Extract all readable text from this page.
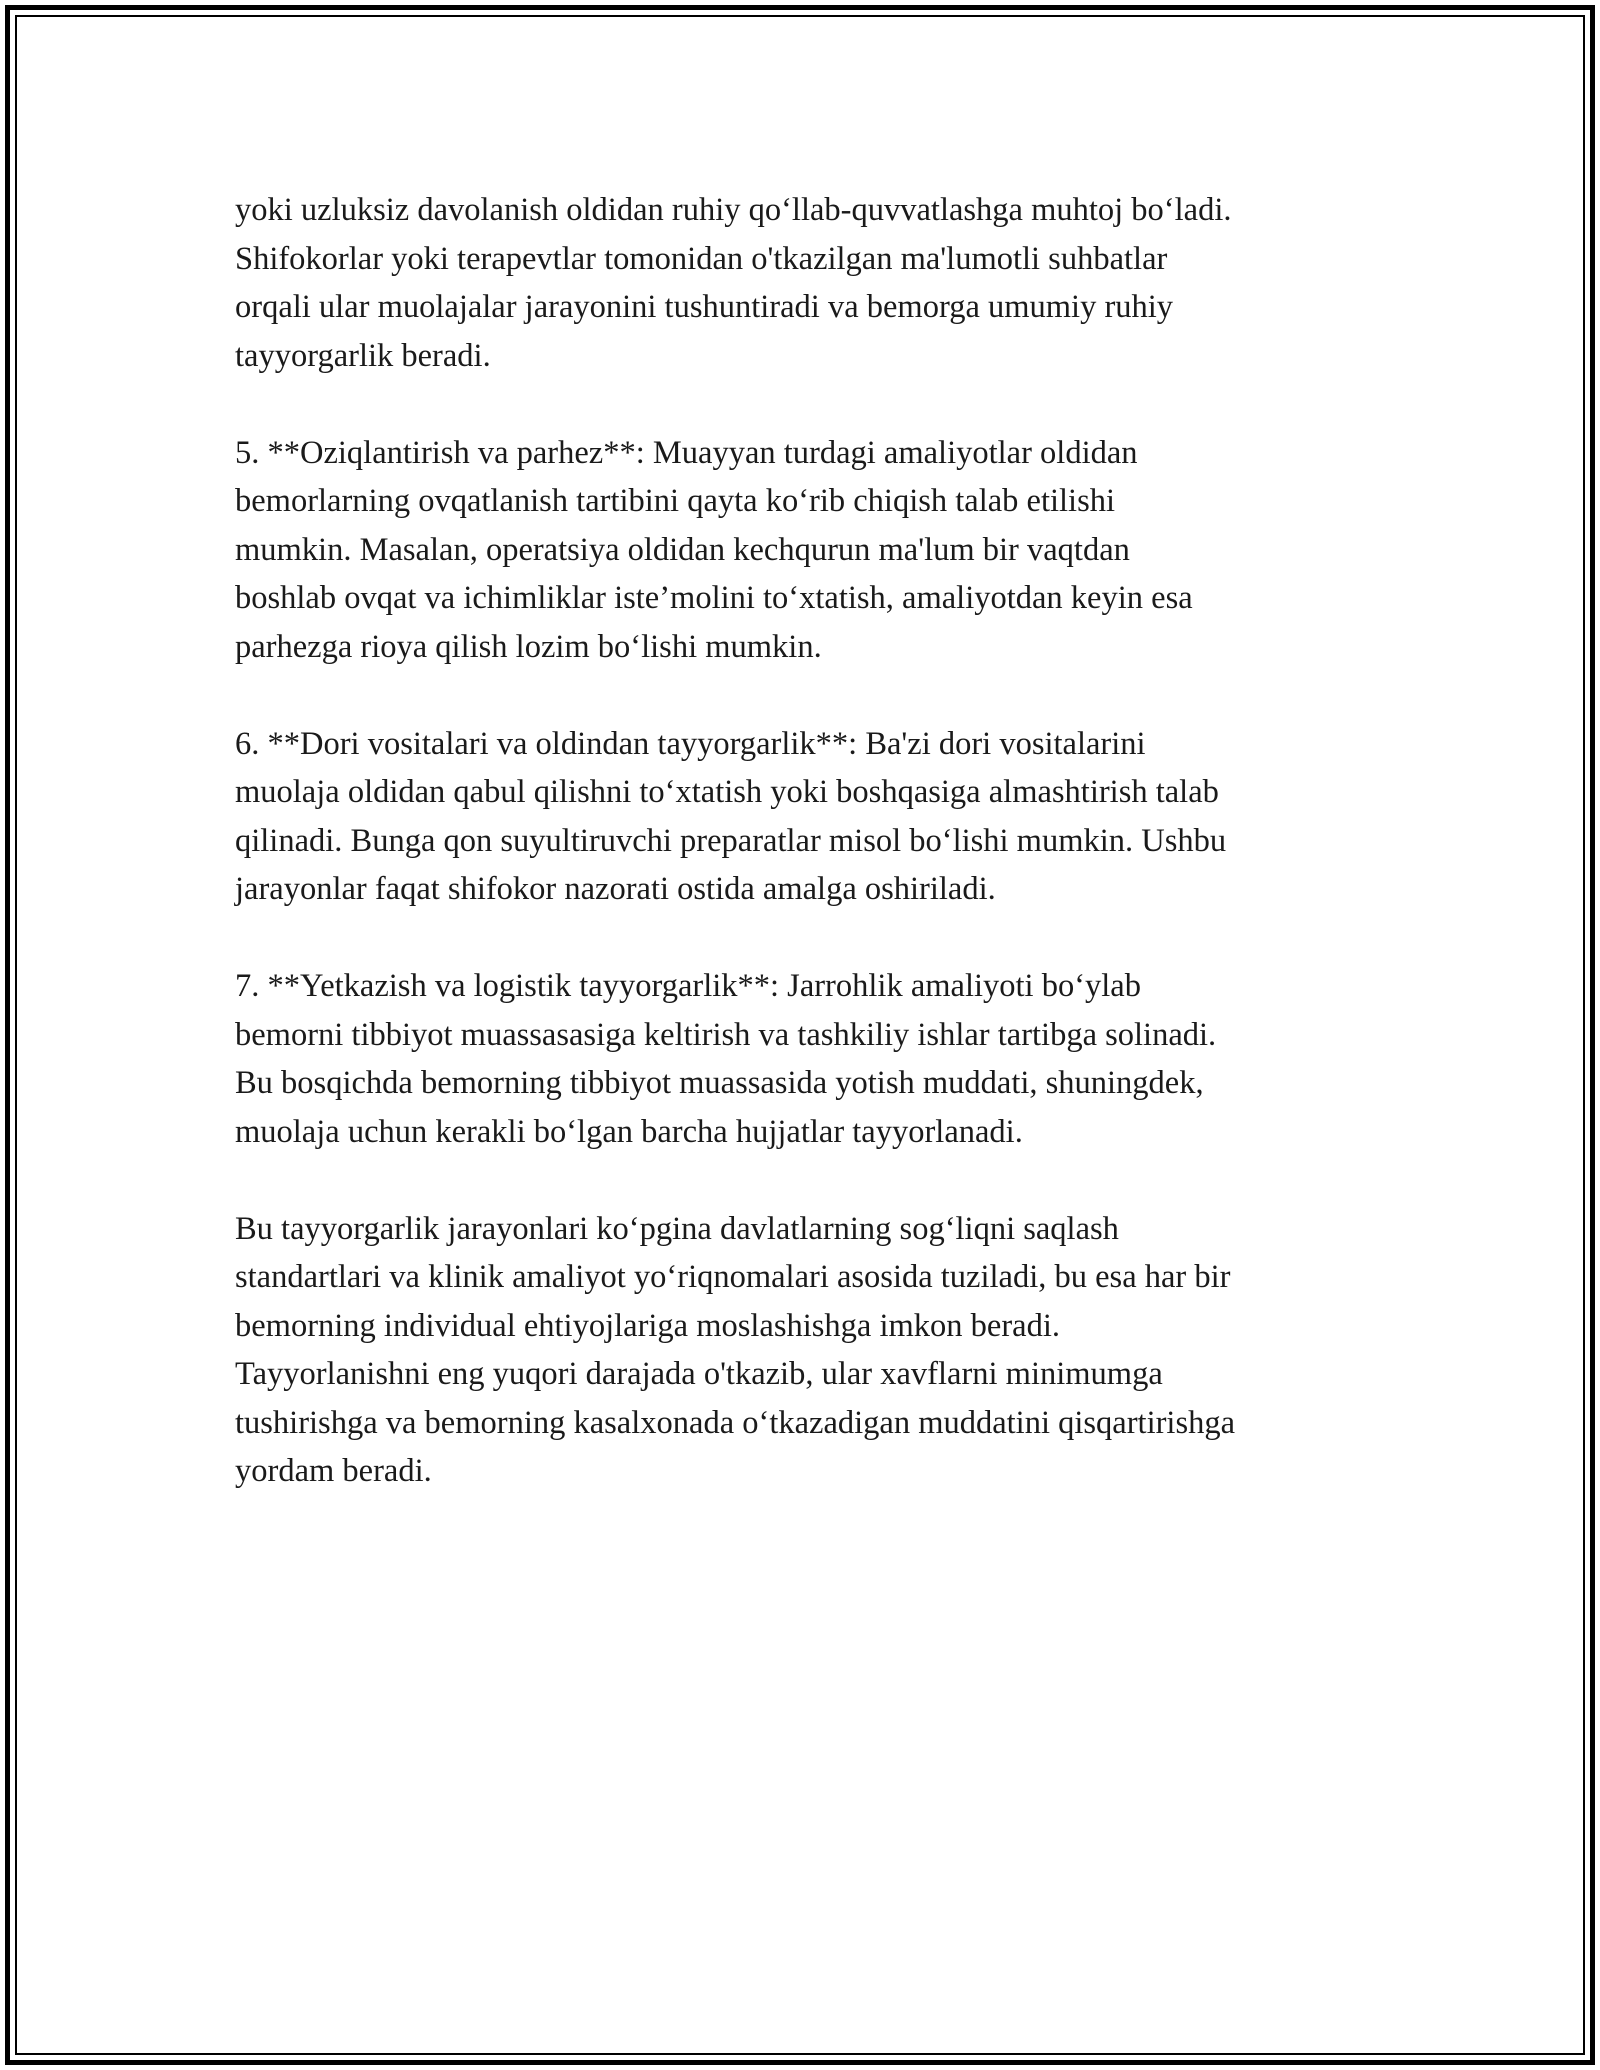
yoki uzluksiz davolanish oldidan ruhiy qo‘llab-quvvatlashga muhtoj bo‘ladi.
Shifokorlar yoki terapevtlar tomonidan o'tkazilgan ma'lumotli suhbatlar
orqali ular muolajalar jarayonini tushuntiradi va bemorga umumiy ruhiy
tayyorgarlik beradi.

5. **Oziqlantirish va parhez**: Muayyan turdagi amaliyotlar oldidan
bemorlarning ovqatlanish tartibini qayta ko‘rib chiqish talab etilishi
mumkin. Masalan, operatsiya oldidan kechqurun ma'lum bir vaqtdan
boshlab ovqat va ichimliklar iste’molini to‘xtatish, amaliyotdan keyin esa
parhezga rioya qilish lozim bo‘lishi mumkin.

6. **Dori vositalari va oldindan tayyorgarlik**: Ba'zi dori vositalarini
muolaja oldidan qabul qilishni to‘xtatish yoki boshqasiga almashtirish talab
qilinadi. Bunga qon suyultiruvchi preparatlar misol bo‘lishi mumkin. Ushbu
jarayonlar faqat shifokor nazorati ostida amalga oshiriladi.

7. **Yetkazish va logistik tayyorgarlik**: Jarrohlik amaliyoti bo‘ylab
bemorni tibbiyot muassasasiga keltirish va tashkiliy ishlar tartibga solinadi.
Bu bosqichda bemorning tibbiyot muassasida yotish muddati, shuningdek,
muolaja uchun kerakli bo‘lgan barcha hujjatlar tayyorlanadi.

Bu tayyorgarlik jarayonlari ko‘pgina davlatlarning sog‘liqni saqlash
standartlari va klinik amaliyot yo‘riqnomalari asosida tuziladi, bu esa har bir
bemorning individual ehtiyojlariga moslashishga imkon beradi.
Tayyorlanishni eng yuqori darajada o'tkazib, ular xavflarni minimumga
tushirishga va bemorning kasalxonada o‘tkazadigan muddatini qisqartirishga
yordam beradi.
